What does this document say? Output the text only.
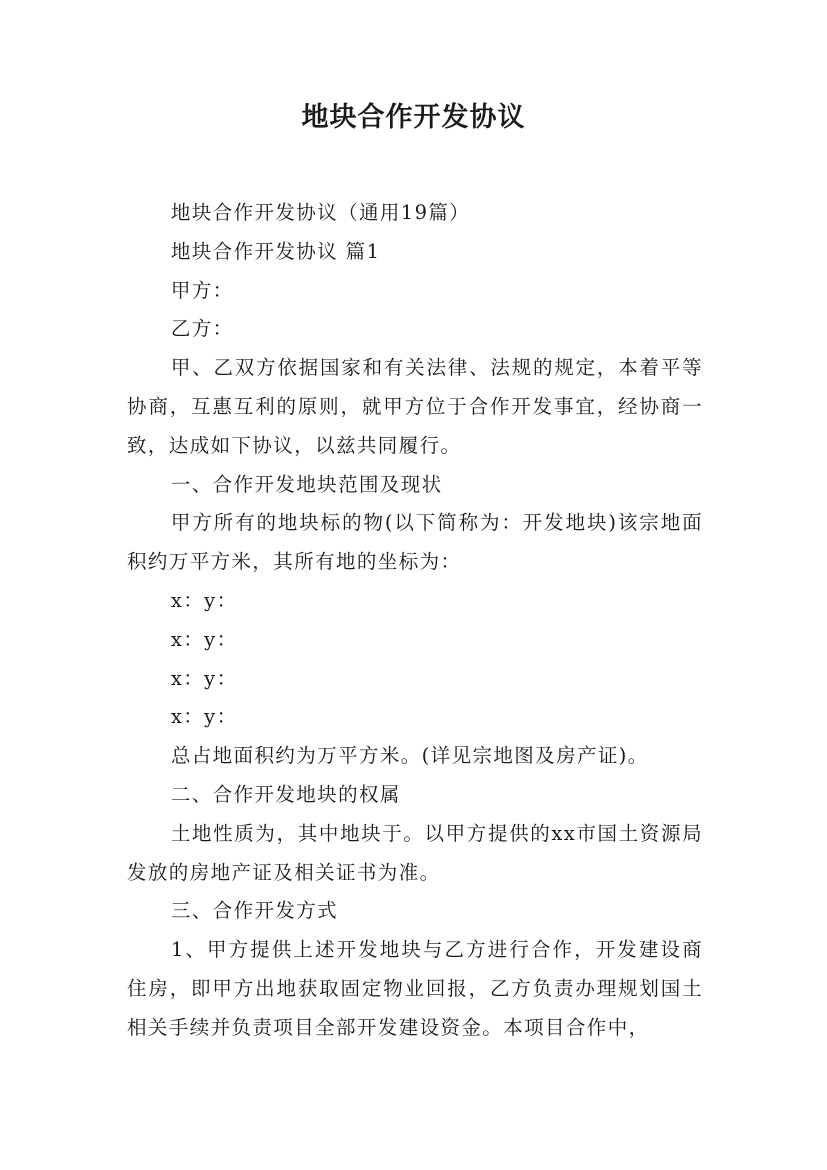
地块合作开发协议

地块合作开发协议（通用19篇）

地块合作开发协议 篇1

甲方：

乙方：

甲、乙双方依据国家和有关法律、法规的规定，本着平等协商，互惠互利的原则，就甲方位于合作开发事宜，经协商一致，达成如下协议，以兹共同履行。

一、合作开发地块范围及现状

甲方所有的地块标的物(以下简称为：开发地块)该宗地面积约万平方米，其所有地的坐标为：

x：y：

x：y：

x：y：

x：y：

总占地面积约为万平方米。(详见宗地图及房产证)。

二、合作开发地块的权属

土地性质为，其中地块于。以甲方提供的xx市国土资源局发放的房地产证及相关证书为准。

三、合作开发方式

1、甲方提供上述开发地块与乙方进行合作，开发建设商住房，即甲方出地获取固定物业回报，乙方负责办理规划国土相关手续并负责项目全部开发建设资金。本项目合作中，
